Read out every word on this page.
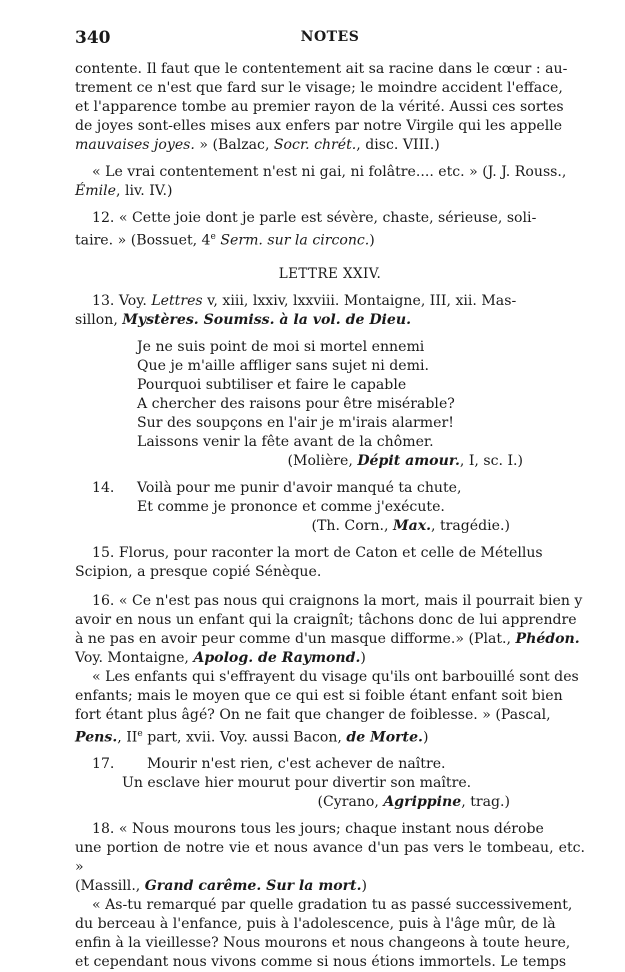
340	NOTES

contente. Il faut que le contentement ait sa racine dans le cœur : au-

trement ce n'est que fard sur le visage; le moindre accident l'efface,

et l'apparence tombe au premier rayon de la vérité. Aussi ces sortes

de joyes sont-elles mises aux enfers par notre Virgile qui les appelle

mauvaises joyes. » (Balzac, Socr. chrét., disc. VIII.)

« Le vrai contentement n'est ni gai, ni folâtre.... etc. » (J. J. Rouss.,

Émile, liv. IV.)

12. « Cette joie dont je parle est sévère, chaste, sérieuse, soli-

taire. » (Bossuet, 4e Serm. sur la circonc.)

LETTRE XXIV.

13. Voy. Lettres v, xiii, lxxiv, lxxviii. Montaigne, III, xii. Mas-

sillon, Mystères. Soumiss. à la vol. de Dieu.

Je ne suis point de moi si mortel ennemi
Que je m'aille affliger sans sujet ni demi.
Pourquoi subtiliser et faire le capable
A chercher des raisons pour être misérable?
Sur des soupçons en l'air je m'irais alarmer!
Laissons venir la fête avant de la chômer.
(Molière, Dépit amour., I, sc. I.)
14. Voilà pour me punir d'avoir manqué ta chute,
Et comme je prononce et comme j'exécute.
(Th. Corn., Max., tragédie.)

15. Florus, pour raconter la mort de Caton et celle de Métellus

Scipion, a presque copié Sénèque.

16. « Ce n'est pas nous qui craignons la mort, mais il pourrait bien y

avoir en nous un enfant qui la craignît; tâchons donc de lui apprendre

à ne pas en avoir peur comme d'un masque difforme.» (Plat., Phédon.

Voy. Montaigne, Apolog. de Raymond.)

« Les enfants qui s'effrayent du visage qu'ils ont barbouillé sont des

enfants; mais le moyen que ce qui est si foible étant enfant soit bien

fort étant plus âgé? On ne fait que changer de foiblesse. » (Pascal,

Pens., IIe part, xvii. Voy. aussi Bacon, de Morte.)

17. Mourir n'est rien, c'est achever de naître.
Un esclave hier mourut pour divertir son maître.
(Cyrano, Agrippine, trag.)

18. « Nous mourons tous les jours; chaque instant nous dérobe

une portion de notre vie et nous avance d'un pas vers le tombeau, etc. »

(Massill., Grand carême. Sur la mort.)

« As-tu remarqué par quelle gradation tu as passé successivement,

du berceau à l'enfance, puis à l'adolescence, puis à l'âge mûr, de là

enfin à la vieillesse? Nous mourons et nous changeons à toute heure,

et cependant nous vivons comme si nous étions immortels. Le temps
